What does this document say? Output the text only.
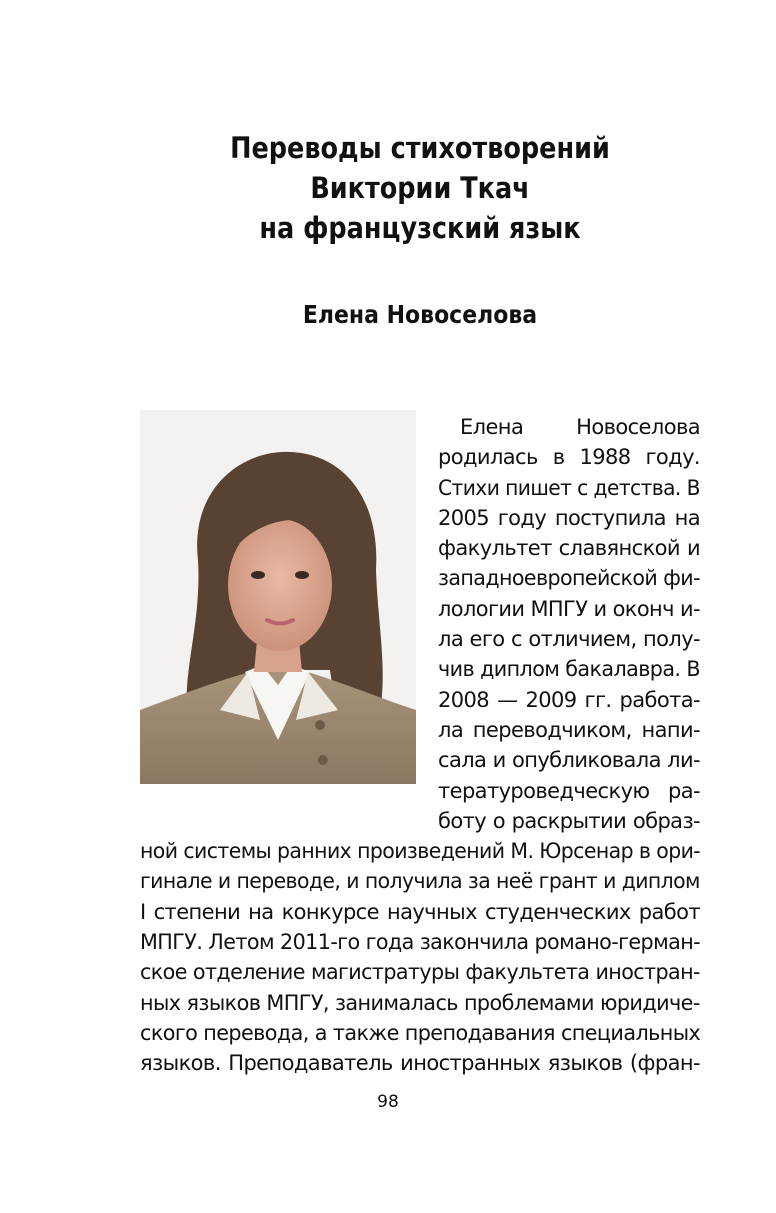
Переводы стихотворений
Виктории Ткач
на французский язык
Елена Новоселова
Елена Новоселова
родилась в 1988 году.
Стихи пишет с детства. В
2005 году поступила на
факультет славянской и
западноевропейской фи-
лологии МПГУ и оконч и-
ла его с отличием, полу-
чив диплом бакалавра. В
2008 — 2009 гг. работа-
ла переводчиком, напи-
сала и опубликовала ли-
тературоведческую ра-
боту о раскрытии образ-
ной системы ранних произведений М. Юрсенар в ори-
гинале и переводе, и получила за неё грант и диплом
I степени на конкурсе научных студенческих работ
МПГУ. Летом 2011-го года закончила романо-герман-
ское отделение магистратуры факультета иностран-
ных языков МПГУ, занималась проблемами юридиче-
ского перевода, а также преподавания специальных
языков. Преподаватель иностранных языков (фран-
98
